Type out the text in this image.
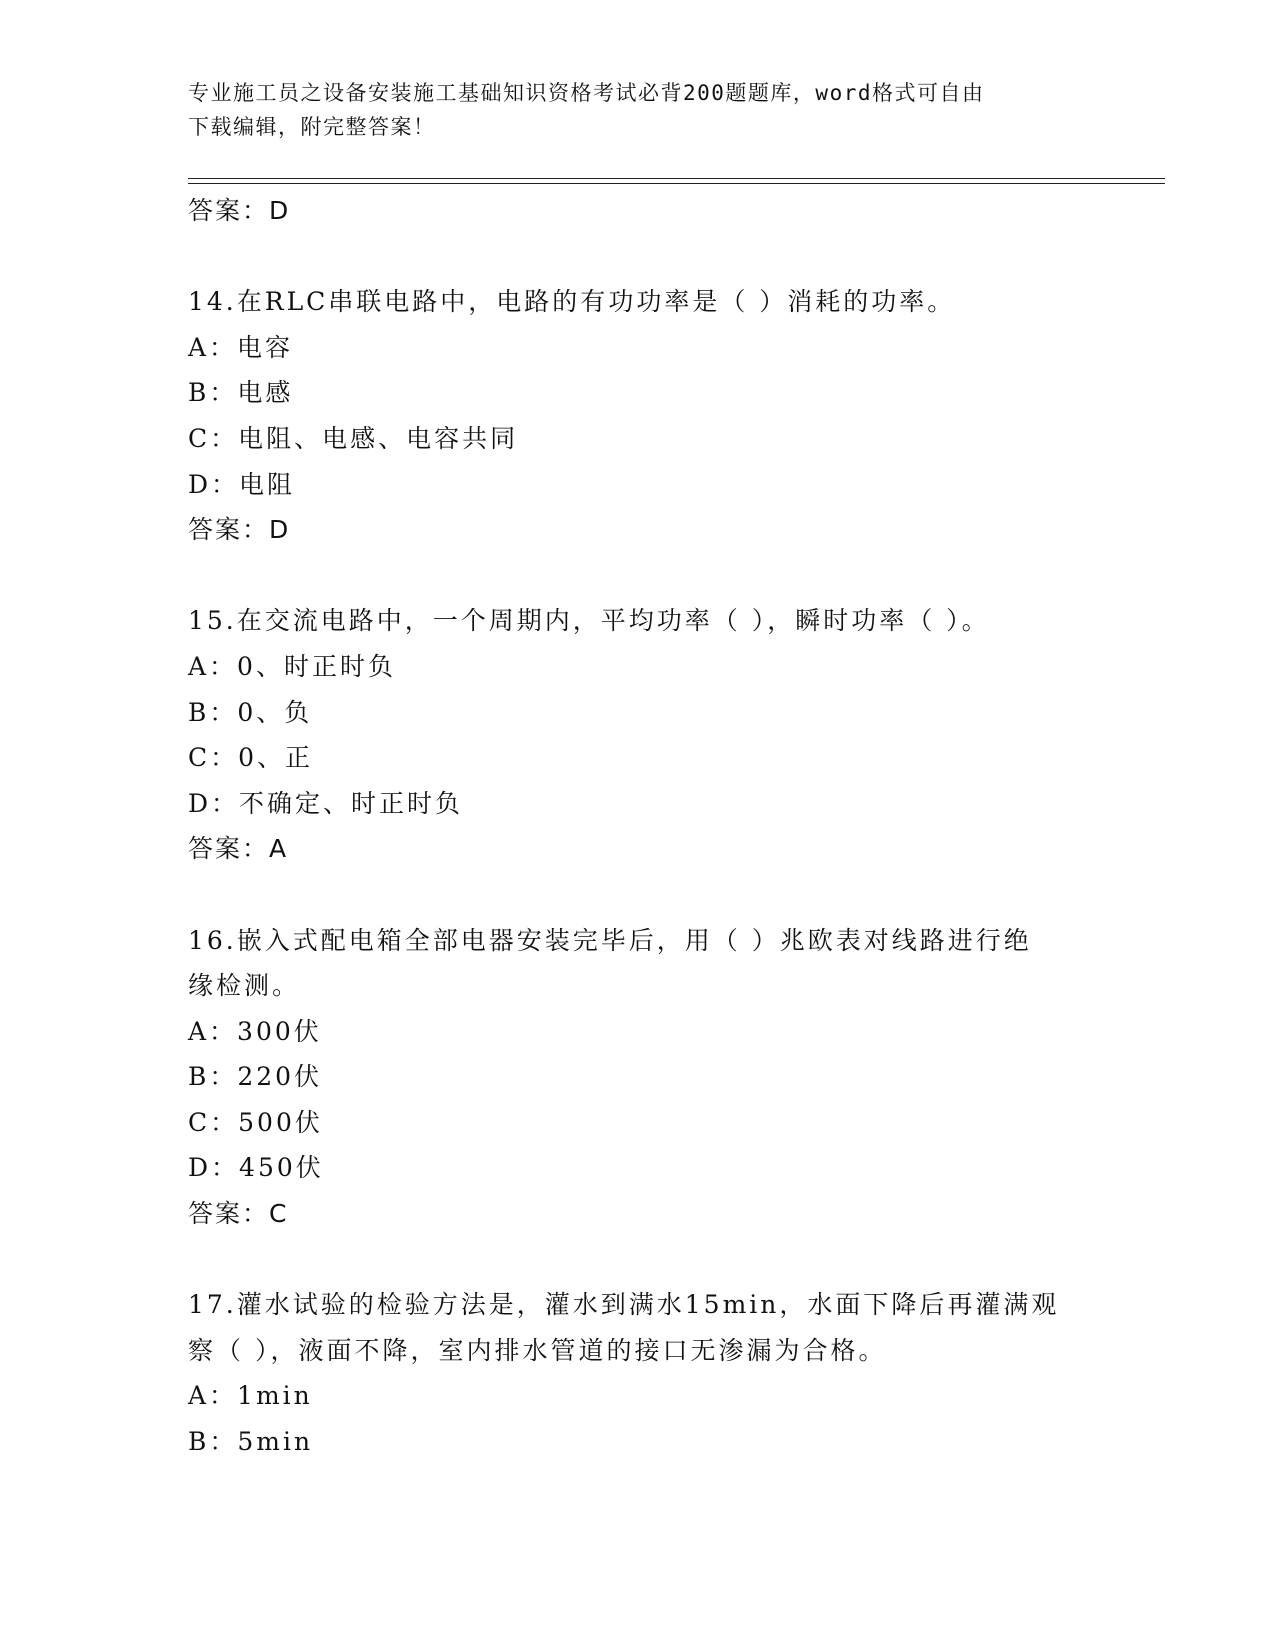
专业施工员之设备安装施工基础知识资格考试必背200题题库，word格式可自由
下载编辑，附完整答案！
答案：D
14.在RLC串联电路中，电路的有功功率是（ ）消耗的功率。
A：电容
B：电感
C：电阻、电感、电容共同
D：电阻
答案：D
15.在交流电路中，一个周期内，平均功率（ ），瞬时功率（ ）。
A：0、时正时负
B：0、负
C：0、正
D：不确定、时正时负
答案：A
16.嵌入式配电箱全部电器安装完毕后，用（ ）兆欧表对线路进行绝
缘检测。
A：300伏
B：220伏
C：500伏
D：450伏
答案：C
17.灌水试验的检验方法是，灌水到满水15min，水面下降后再灌满观
察（ ），液面不降，室内排水管道的接口无渗漏为合格。
A：1min
B：5min
